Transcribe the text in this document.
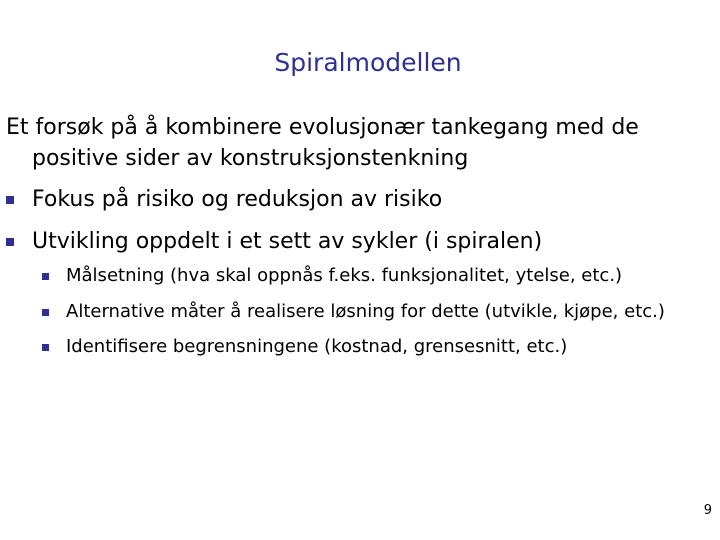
Spiralmodellen
Et forsøk på å kombinere evolusjonær tankegang med de positive sider av konstruksjonstenkning
Fokus på risiko og reduksjon av risiko
Utvikling oppdelt i et sett av sykler (i spiralen)
Målsetning (hva skal oppnås f.eks. funksjonalitet, ytelse, etc.)
Alternative måter å realisere løsning for dette (utvikle, kjøpe, etc.)
Identifisere begrensningene (kostnad, grensesnitt, etc.)
9
